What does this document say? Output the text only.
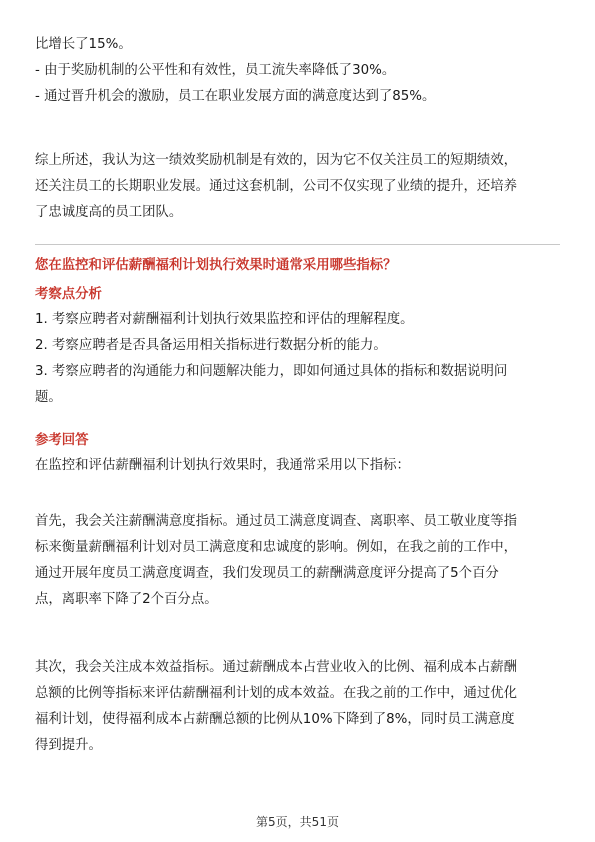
比增长了15%。
- 由于奖励机制的公平性和有效性，员工流失率降低了30%。
- 通过晋升机会的激励，员工在职业发展方面的满意度达到了85%。
综上所述，我认为这一绩效奖励机制是有效的，因为它不仅关注员工的短期绩效，
还关注员工的长期职业发展。通过这套机制，公司不仅实现了业绩的提升，还培养
了忠诚度高的员工团队。
您在监控和评估薪酬福利计划执行效果时通常采用哪些指标？
考察点分析
1. 考察应聘者对薪酬福利计划执行效果监控和评估的理解程度。
2. 考察应聘者是否具备运用相关指标进行数据分析的能力。
3. 考察应聘者的沟通能力和问题解决能力，即如何通过具体的指标和数据说明问
题。
参考回答
在监控和评估薪酬福利计划执行效果时，我通常采用以下指标：
首先，我会关注薪酬满意度指标。通过员工满意度调查、离职率、员工敬业度等指
标来衡量薪酬福利计划对员工满意度和忠诚度的影响。例如，在我之前的工作中，
通过开展年度员工满意度调查，我们发现员工的薪酬满意度评分提高了5个百分
点，离职率下降了2个百分点。
其次，我会关注成本效益指标。通过薪酬成本占营业收入的比例、福利成本占薪酬
总额的比例等指标来评估薪酬福利计划的成本效益。在我之前的工作中，通过优化
福利计划，使得福利成本占薪酬总额的比例从10%下降到了8%，同时员工满意度
得到提升。
第5页，共51页
